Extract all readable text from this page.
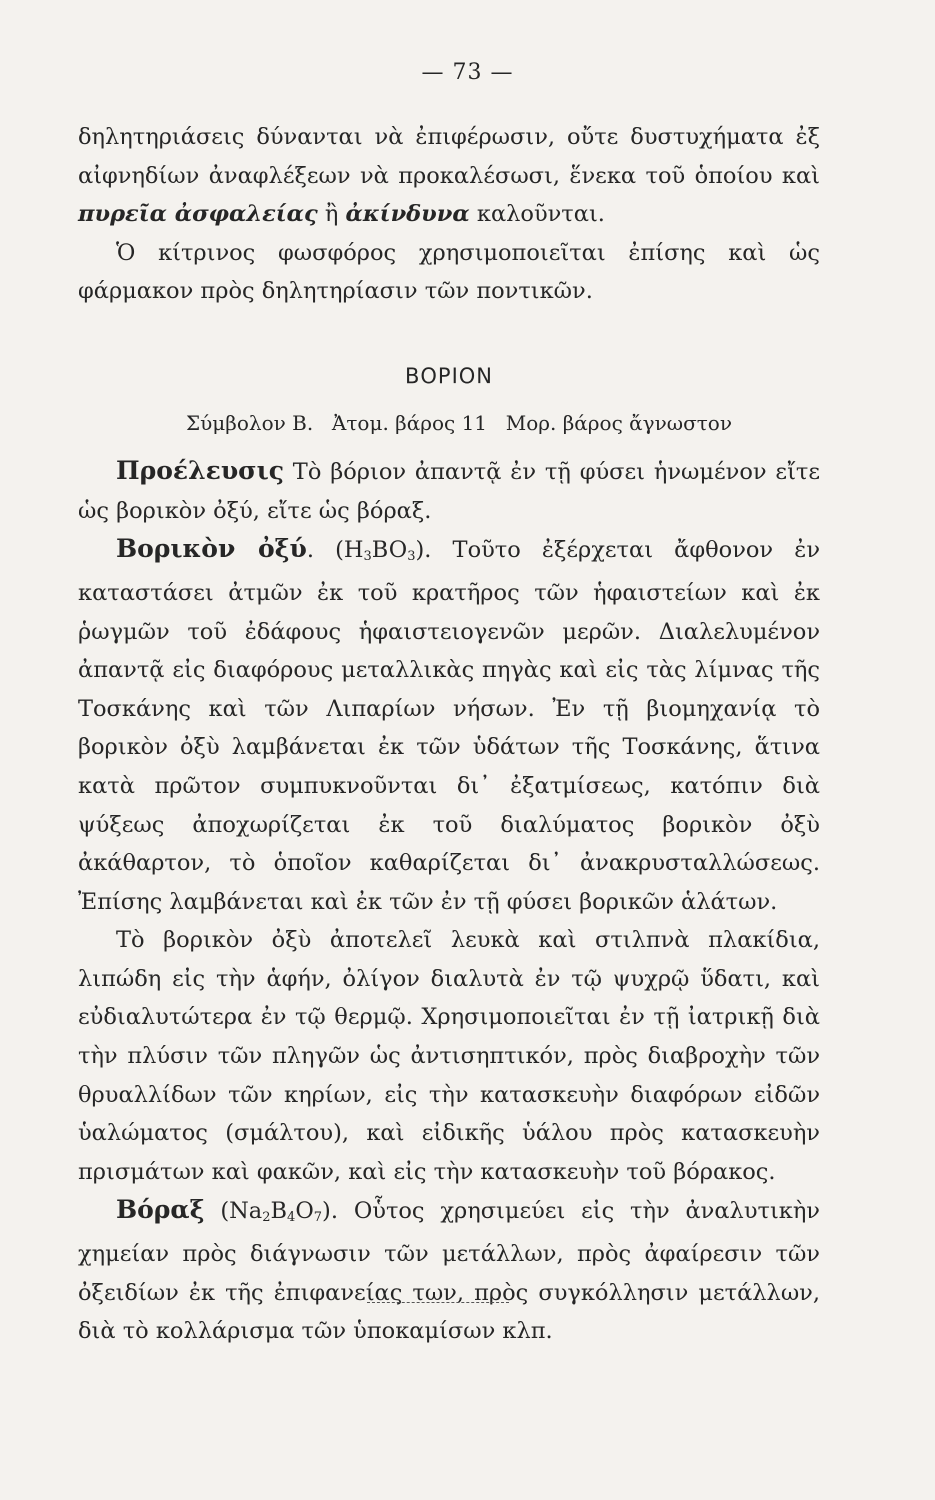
— 73 —

δηλητηριάσεις δύνανται νὰ ἐπιφέρωσιν, οὔτε δυστυχήματα ἐξ αἰφνηδίων ἀναφλέξεων νὰ προκαλέσωσι, ἕνεκα τοῦ ὁποίου καὶ πυρεῖα ἀσφαλείας ἢ ἀκίνδυνα καλοῦνται.

Ὁ κίτρινος φωσφόρος χρησιμοποιεῖται ἐπίσης καὶ ὡς φάρμακον πρὸς δηλητηρίασιν τῶν ποντικῶν.

ΒΟΡΙΟΝ

Σύμβολον Β. Ἀτομ. βάρος 11 Μορ. βάρος ἄγνωστον

Προέλευσις Τὸ βόριον ἀπαντᾷ ἐν τῇ φύσει ἡνωμένον εἴτε ὡς βορικὸν ὀξύ, εἴτε ὡς βόραξ.

Βορικὸν ὀξύ. (H3BO3). Τοῦτο ἐξέρχεται ἄφθονον ἐν καταστάσει ἀτμῶν ἐκ τοῦ κρατῆρος τῶν ἡφαιστείων καὶ ἐκ ῥωγμῶν τοῦ ἐδάφους ἡφαιστειογενῶν μερῶν. Διαλελυμένον ἀπαντᾷ εἰς διαφόρους μεταλλικὰς πηγὰς καὶ εἰς τὰς λίμνας τῆς Τοσκάνης καὶ τῶν Λιπαρίων νήσων. Ἐν τῇ βιομηχανίᾳ τὸ βορικὸν ὀξὺ λαμβάνεται ἐκ τῶν ὑδάτων τῆς Τοσκάνης, ἅτινα κατὰ πρῶτον συμπυκνοῦνται δι᾿ ἐξατμίσεως, κατόπιν διὰ ψύξεως ἀποχωρίζεται ἐκ τοῦ διαλύματος βορικὸν ὀξὺ ἀκάθαρτον, τὸ ὁποῖον καθαρίζεται δι᾿ ἀνακρυσταλλώσεως. Ἐπίσης λαμβάνεται καὶ ἐκ τῶν ἐν τῇ φύσει βορικῶν ἁλάτων.

Τὸ βορικὸν ὀξὺ ἀποτελεῖ λευκὰ καὶ στιλπνὰ πλακίδια, λιπώδη εἰς τὴν ἁφήν, ὀλίγον διαλυτὰ ἐν τῷ ψυχρῷ ὕδατι, καὶ εὐδιαλυτώτερα ἐν τῷ θερμῷ. Χρησιμοποιεῖται ἐν τῇ ἰατρικῇ διὰ τὴν πλύσιν τῶν πληγῶν ὡς ἀντισηπτικόν, πρὸς διαβροχὴν τῶν θρυαλλίδων τῶν κηρίων, εἰς τὴν κατασκευὴν διαφόρων εἰδῶν ὑαλώματος (σμάλτου), καὶ εἰδικῆς ὑάλου πρὸς κατασκευὴν πρισμάτων καὶ φακῶν, καὶ εἰς τὴν κατασκευὴν τοῦ βόρακος.

Βόραξ (Na2B4O7). Οὗτος χρησιμεύει εἰς τὴν ἀναλυτικὴν χημείαν πρὸς διάγνωσιν τῶν μετάλλων, πρὸς ἀφαίρεσιν τῶν ὀξειδίων ἐκ τῆς ἐπιφανείας των, πρὸς συγκόλλησιν μετάλλων, διὰ τὸ κολλάρισμα τῶν ὑποκαμίσων κλπ.
